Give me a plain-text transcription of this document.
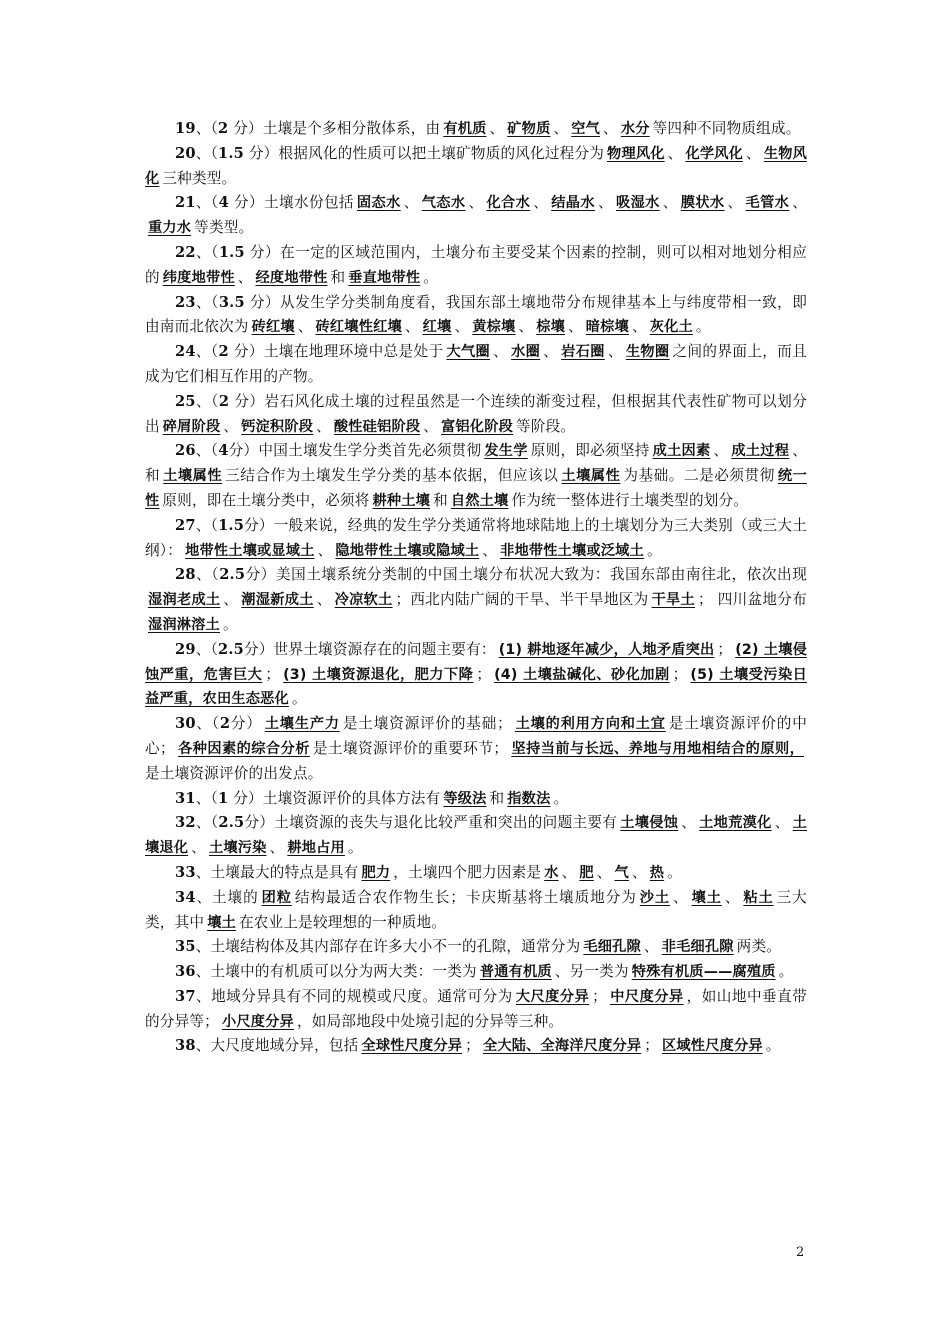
19、（2 分）土壤是个多相分散体系，由 有机质 、 矿物质 、 空气 、 水分 等四种不同物质组成。

20、（1.5 分）根据风化的性质可以把土壤矿物质的风化过程分为 物理风化 、 化学风化 、 生物风化 三种类型。

21、（4 分）土壤水份包括 固态水 、 气态水 、 化合水 、 结晶水 、 吸湿水 、 膜状水 、 毛管水 、重力水 等类型。

22、（1.5 分）在一定的区域范围内，土壤分布主要受某个因素的控制，则可以相对地划分相应的 纬度地带性 、 经度地带性 和 垂直地带性 。

23、（3.5 分）从发生学分类制角度看，我国东部土壤地带分布规律基本上与纬度带相一致，即由南而北依次为 砖红壤 、 砖红壤性红壤 、 红壤 、 黄棕壤 、 棕壤 、 暗棕壤 、 灰化土 。

24、（2 分）土壤在地理环境中总是处于 大气圈 、 水圈 、 岩石圈 、 生物圈 之间的界面上，而且成为它们相互作用的产物。

25、（2 分）岩石风化成土壤的过程虽然是一个连续的渐变过程，但根据其代表性矿物可以划分出 碎屑阶段 、 钙淀积阶段 、 酸性硅铝阶段 、 富铝化阶段 等阶段。

26、（4分）中国土壤发生学分类首先必须贯彻 发生学 原则，即必须坚持 成土因素 、 成土过程 、和 土壤属性 三结合作为土壤发生学分类的基本依据，但应该以 土壤属性 为基础。二是必须贯彻 统一性 原则，即在土壤分类中，必须将 耕种土壤 和 自然土壤 作为统一整体进行土壤类型的划分。

27、（1.5分）一般来说，经典的发生学分类通常将地球陆地上的土壤划分为三大类别（或三大土纲）： 地带性土壤或显域土 、 隐地带性土壤或隐域土 、 非地带性土壤或泛域土 。

28、（2.5分）美国土壤系统分类制的中国土壤分布状况大致为：我国东部由南往北，依次出现湿润老成土 、 潮湿新成土 、 冷凉软土 ；西北内陆广阔的干旱、半干旱地区为 干旱土 ； 四川盆地分布湿润淋溶土 。

29、（2.5分）世界土壤资源存在的问题主要有： (1) 耕地逐年减少，人地矛盾突出 ； (2) 土壤侵蚀严重，危害巨大 ； (3) 土壤资源退化，肥力下降 ； (4) 土壤盐碱化、砂化加剧 ； (5) 土壤受污染日益严重，农田生态恶化 。

30、（2分） 土壤生产力 是土壤资源评价的基础； 土壤的利用方向和土宜 是土壤资源评价的中心； 各种因素的综合分析 是土壤资源评价的重要环节； 坚持当前与长远、养地与用地相结合的原则，是土壤资源评价的出发点。

31、（1 分）土壤资源评价的具体方法有 等级法 和 指数法 。

32、（2.5分）土壤资源的丧失与退化比较严重和突出的问题主要有 土壤侵蚀 、 土地荒漠化 、 土壤退化 、 土壤污染 、 耕地占用 。

33、土壤最大的特点是具有 肥力 ，土壤四个肥力因素是 水 、 肥 、 气 、 热 。

34、土壤的 团粒 结构最适合农作物生长；卡庆斯基将土壤质地分为 沙土 、 壤土 、 粘土 三大类，其中 壤土 在农业上是较理想的一种质地。

35、土壤结构体及其内部存在许多大小不一的孔隙，通常分为 毛细孔隙 、 非毛细孔隙 两类。

36、土壤中的有机质可以分为两大类：一类为 普通有机质 、另一类为 特殊有机质——腐殖质 。

37、地域分异具有不同的规模或尺度。通常可分为 大尺度分异 ； 中尺度分异 ，如山地中垂直带的分异等； 小尺度分异 ，如局部地段中处境引起的分异等三种。

38、大尺度地域分异，包括 全球性尺度分异 ； 全大陆、全海洋尺度分异 ； 区域性尺度分异 。

2
